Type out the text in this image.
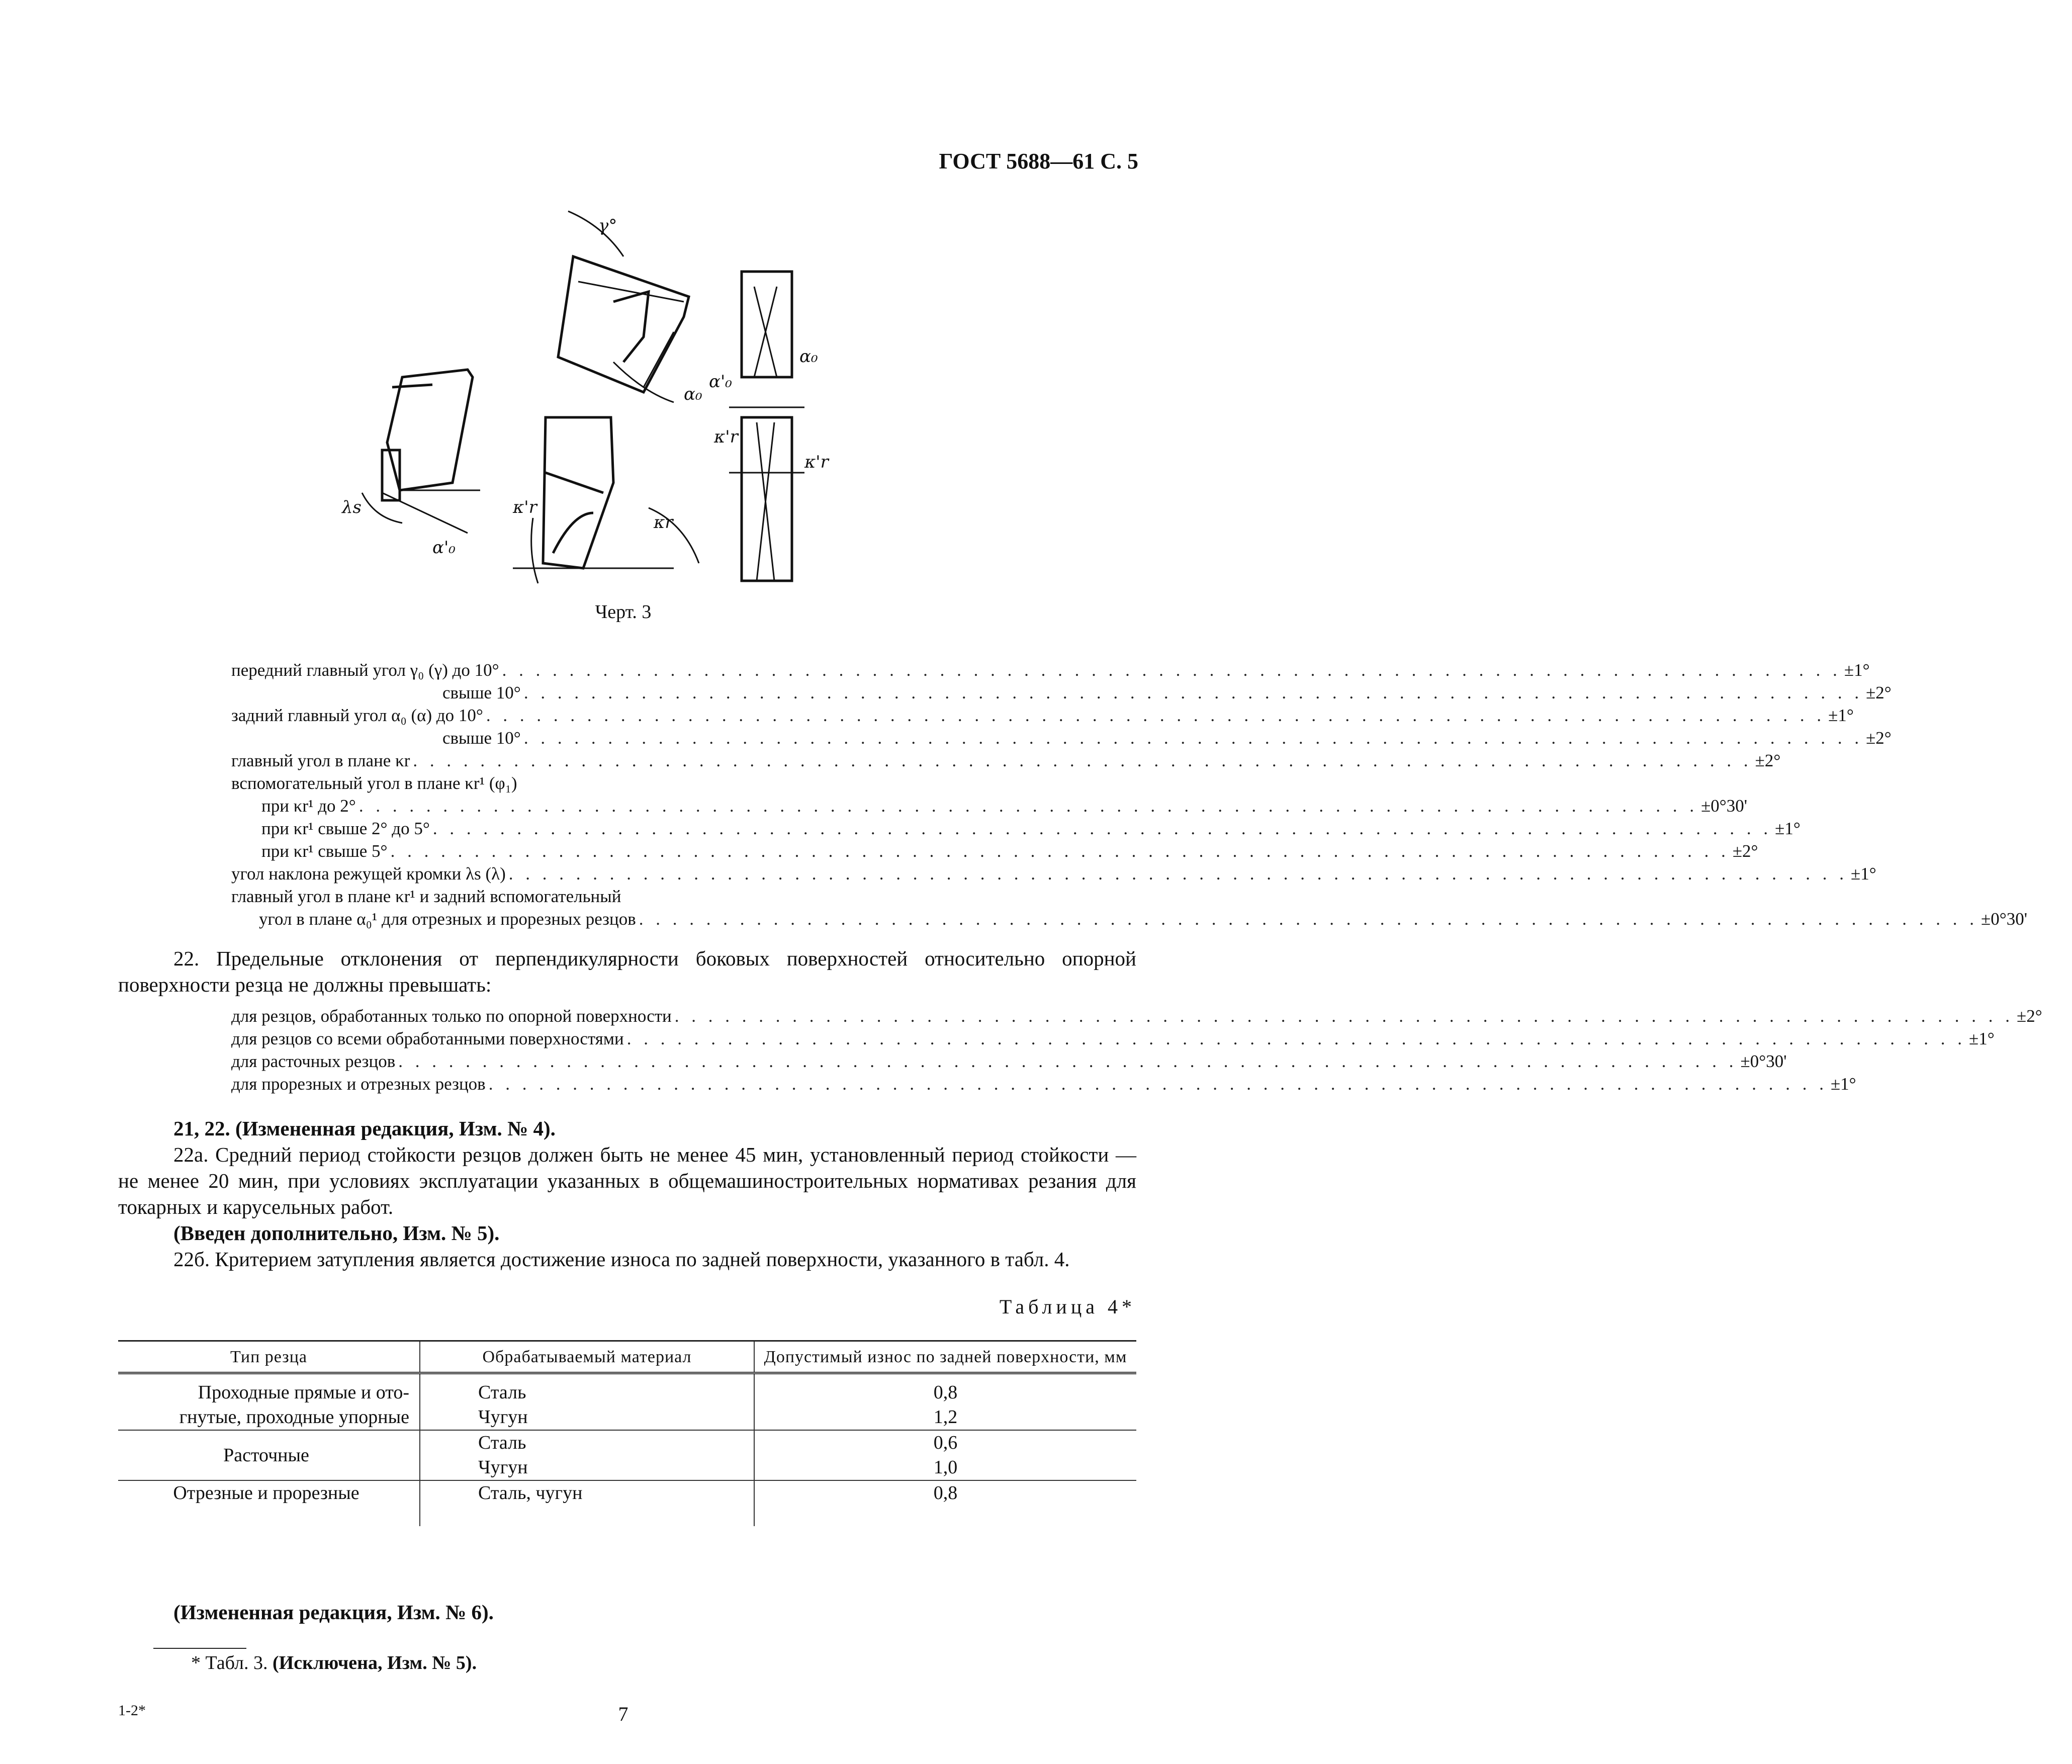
ГОСТ 5688—61 С. 5
γ°
α₀
λs
α'₀
κ'r
κr
α₀
α'₀
κ'r
κ'r
Черт. 3
передний главный угол γ₀ (γ) до 10° . . . . . . . . . . . . . . . . . . . . . . . . . . . . . . . . . . . . . . . . . . . . . . . . . . . . . . . . . . . . . . . . . . . . . . . . . . . . . . . . ±1°
свыше 10° . . . . . . . . . . . . . . . . . . . . . . . . . . . . . . . . . . . . . . . . . . . . . . . . . . . . . . . . . . . . . . . . . . . . . . . . . . . . . . . . ±2°
задний главный угол α₀ (α) до 10° . . . . . . . . . . . . . . . . . . . . . . . . . . . . . . . . . . . . . . . . . . . . . . . . . . . . . . . . . . . . . . . . . . . . . . . . . . . . . . . . ±1°
свыше 10° . . . . . . . . . . . . . . . . . . . . . . . . . . . . . . . . . . . . . . . . . . . . . . . . . . . . . . . . . . . . . . . . . . . . . . . . . . . . . . . . ±2°
главный угол в плане κr . . . . . . . . . . . . . . . . . . . . . . . . . . . . . . . . . . . . . . . . . . . . . . . . . . . . . . . . . . . . . . . . . . . . . . . . . . . . . . . . ±2°
вспомогательный угол в плане κr¹ (φ₁)
при κr¹ до 2° . . . . . . . . . . . . . . . . . . . . . . . . . . . . . . . . . . . . . . . . . . . . . . . . . . . . . . . . . . . . . . . . . . . . . . . . . . . . . . . . ±0°30'
при κr¹ свыше 2° до 5° . . . . . . . . . . . . . . . . . . . . . . . . . . . . . . . . . . . . . . . . . . . . . . . . . . . . . . . . . . . . . . . . . . . . . . . . . . . . . . . . ±1°
при κr¹ свыше 5° . . . . . . . . . . . . . . . . . . . . . . . . . . . . . . . . . . . . . . . . . . . . . . . . . . . . . . . . . . . . . . . . . . . . . . . . . . . . . . . . ±2°
угол наклона режущей кромки λs (λ) . . . . . . . . . . . . . . . . . . . . . . . . . . . . . . . . . . . . . . . . . . . . . . . . . . . . . . . . . . . . . . . . . . . . . . . . . . . . . . . . ±1°
главный угол в плане κr¹ и задний вспомогательный
угол в плане α₀¹ для отрезных и прорезных резцов . . . . . . . . . . . . . . . . . . . . . . . . . . . . . . . . . . . . . . . . . . . . . . . . . . . . . . . . . . . . . . . . . . . . . . . . . . . . . . . . ±0°30'
22. Предельные отклонения от перпендикулярности боковых поверхностей относительно опорной поверхности резца не должны превышать:
для резцов, обработанных только по опорной поверхности . . . . . . . . . . . . . . . . . . . . . . . . . . . . . . . . . . . . . . . . . . . . . . . . . . . . . . . . . . . . . . . . . . . . . . . . . . . . . . . . ±2°
для резцов со всеми обработанными поверхностями . . . . . . . . . . . . . . . . . . . . . . . . . . . . . . . . . . . . . . . . . . . . . . . . . . . . . . . . . . . . . . . . . . . . . . . . . . . . . . . . ±1°
для расточных резцов . . . . . . . . . . . . . . . . . . . . . . . . . . . . . . . . . . . . . . . . . . . . . . . . . . . . . . . . . . . . . . . . . . . . . . . . . . . . . . . . ±0°30'
для прорезных и отрезных резцов . . . . . . . . . . . . . . . . . . . . . . . . . . . . . . . . . . . . . . . . . . . . . . . . . . . . . . . . . . . . . . . . . . . . . . . . . . . . . . . . ±1°
21, 22. (Измененная редакция, Изм. № 4).
22а. Средний период стойкости резцов должен быть не менее 45 мин, установленный период стойкости — не менее 20 мин, при условиях эксплуатации указанных в общемашиностроительных нормативах резания для токарных и карусельных работ.
(Введен дополнительно, Изм. № 5).
22б. Критерием затупления является достижение износа по задней поверхности, указанного в табл. 4.
Таблица 4*
Тип резца	Обрабатываемый материал	Допустимый износ по задней поверхности, мм
Проходные прямые и ото-	Сталь	0,8
гнутые, проходные упорные	Чугун	1,2
Расточные	Сталь	0,6
	Чугун	1,0
Отрезные и прорезные	Сталь, чугун	0,8
(Измененная редакция, Изм. № 6).
* Табл. 3. (Исключена, Изм. № 5).
1-2*	7
